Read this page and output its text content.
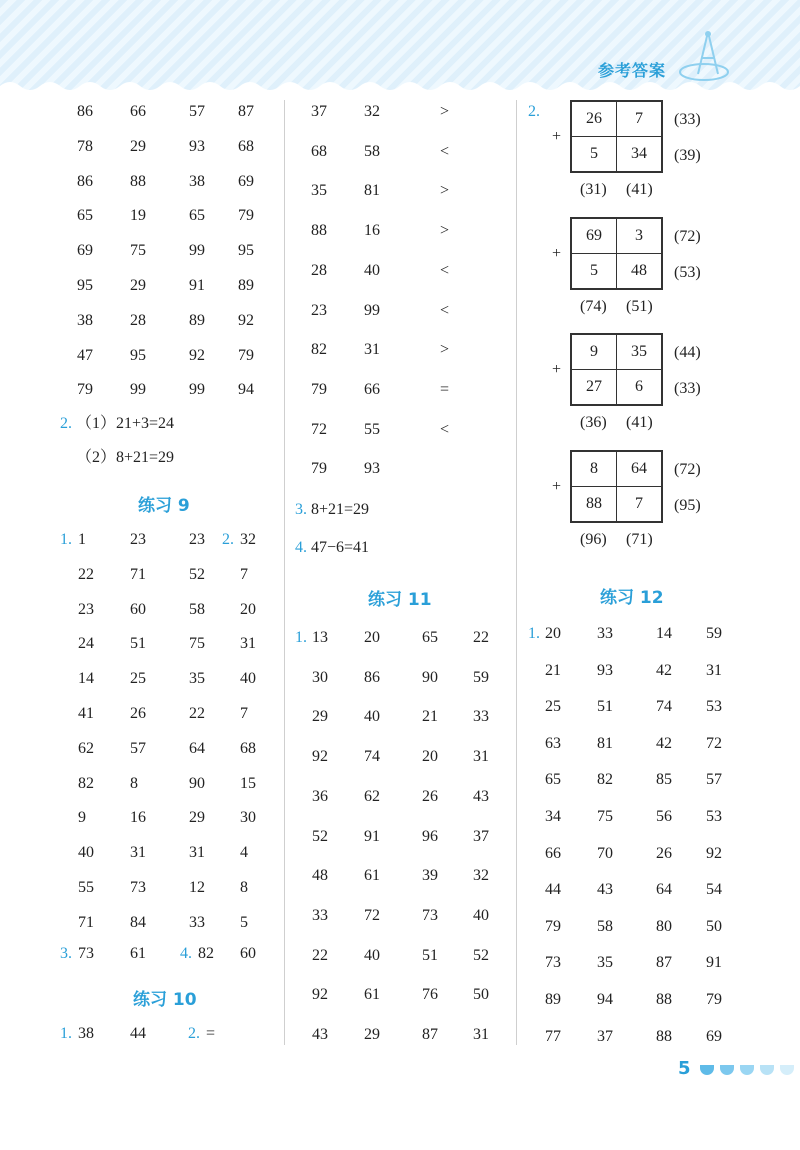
参考答案
2. （1）21+3=24
（2）8+21=29
练习 9
1.	2.
3. 73 61 4. 82 60
练习 10
1. 38 44	2. =
3. 8+21=29
4. 47−6=41
练习 11
1.
2.
练习 12
1.
5
86 66	57 87
78 29	93 68
86 88	38 69
65 19	65 79
69 75	99 95
95 29	91 89
38 28	89 92
47 95	92 79
79 99	99 94
1	23	23 32
22 71	52 7
23 60	58 20
24 51	75 31
14 25	35 40
41 26	22 7
62 57	64 68
82 8	90 15
9	16	29 30
40 31	31 4
55 73	12 8
71 84	33 5
37 32	>
68 58	<
35 81	>
88 16	>
28 40	<
23 99	<
82 31	>
79 66	=
72 55	<
79 93
13 20	65 22
30 86	90 59
29 40	21 33
92 74	20 31
36 62	26 43
52 91	96 37
48 61	39 32
33 72	73 40
22 40	51 52
92 61	76 50
43 29	87 31
+
26	7
5	34
(33)
(39)
(31) (41)
+
69	3
5	48
(72)
(53)
(74) (51)
+
9	35
27	6
(44)
(33)
(36) (41)
+
8	64
88	7
(72)
(95)
(96) (71)
20 33	14 59
21 93	42 31
25 51	74 53
63 81	42 72
65 82	85 57
34 75	56 53
66 70	26 92
44 43	64 54
79 58	80 50
73 35	87 91
89 94	88 79
77 37	88 69
